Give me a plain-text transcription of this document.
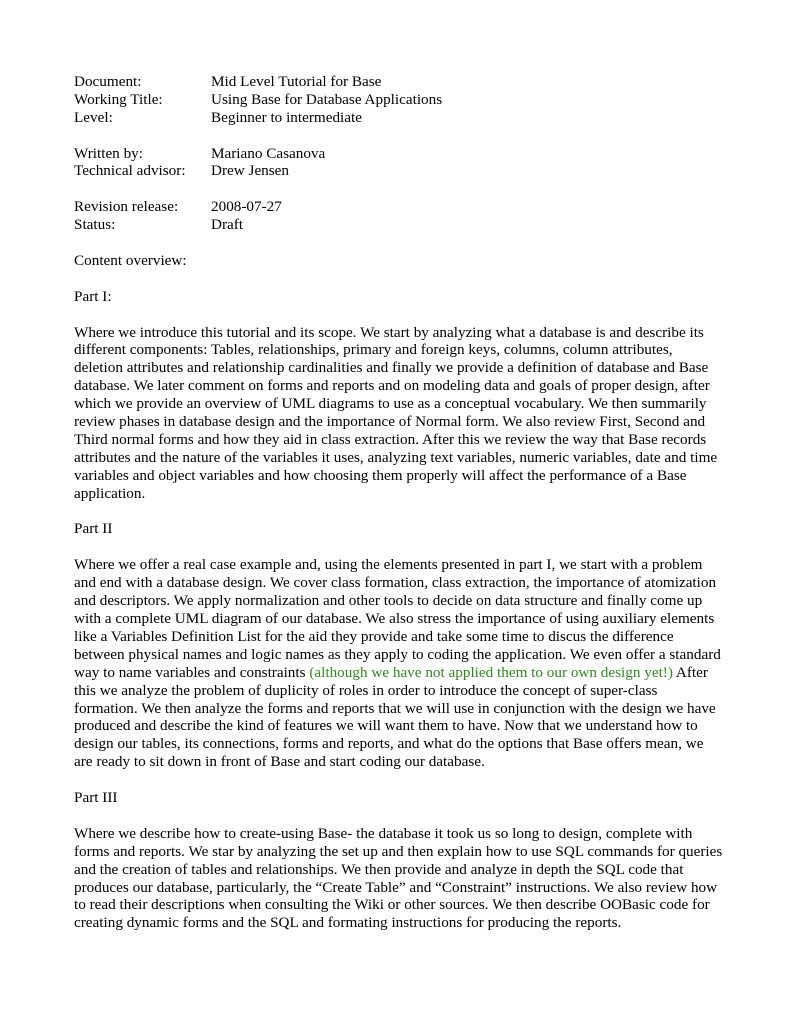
Document:	Mid Level Tutorial for Base
Working Title:	Using Base for Database Applications
Level:	Beginner to intermediate
Written by:	Mariano Casanova
Technical advisor:	Drew Jensen
Revision release:	2008-07-27
Status:	Draft
Content overview:
Part I:

Where we introduce this tutorial and its scope. We start by analyzing what a database is and describe its different components: Tables, relationships, primary and foreign keys, columns, column attributes, deletion attributes and relationship cardinalities and finally we provide a definition of database and Base database. We later comment on forms and reports and on modeling data and goals of proper design, after which we provide an overview of UML diagrams to use as a conceptual vocabulary. We then summarily review phases in database design and the importance of Normal form. We also review First, Second and Third normal forms and how they aid in class extraction. After this we review the way that Base records attributes and the nature of the variables it uses, analyzing text variables, numeric variables, date and time variables and object variables and how choosing them properly will affect the performance of a Base application.

Part II

Where we offer a real case example and, using the elements presented in part I, we start with a problem and end with a database design. We cover class formation, class extraction, the importance of atomization and descriptors. We apply normalization and other tools to decide on data structure and finally come up with a complete UML diagram of our database. We also stress the importance of using auxiliary elements like a Variables Definition List for the aid they provide and take some time to discus the difference between physical names and logic names as they apply to coding the application. We even offer a standard way to name variables and constraints (although we have not applied them to our own design yet!) After this we analyze the problem of duplicity of roles in order to introduce the concept of super-class formation. We then analyze the forms and reports that we will use in conjunction with the design we have produced and describe the kind of features we will want them to have. Now that we understand how to design our tables, its connections, forms and reports, and what do the options that Base offers mean, we are ready to sit down in front of Base and start coding our database.

Part III

Where we describe how to create-using Base- the database it took us so long to design, complete with forms and reports. We star by analyzing the set up and then explain how to use SQL commands for queries and the creation of tables and relationships. We then provide and analyze in depth the SQL code that produces our database, particularly, the “Create Table” and “Constraint” instructions. We also review how to read their descriptions when consulting the Wiki or other sources. We then describe OOBasic code for creating dynamic forms and the SQL and formating instructions for producing the reports.
